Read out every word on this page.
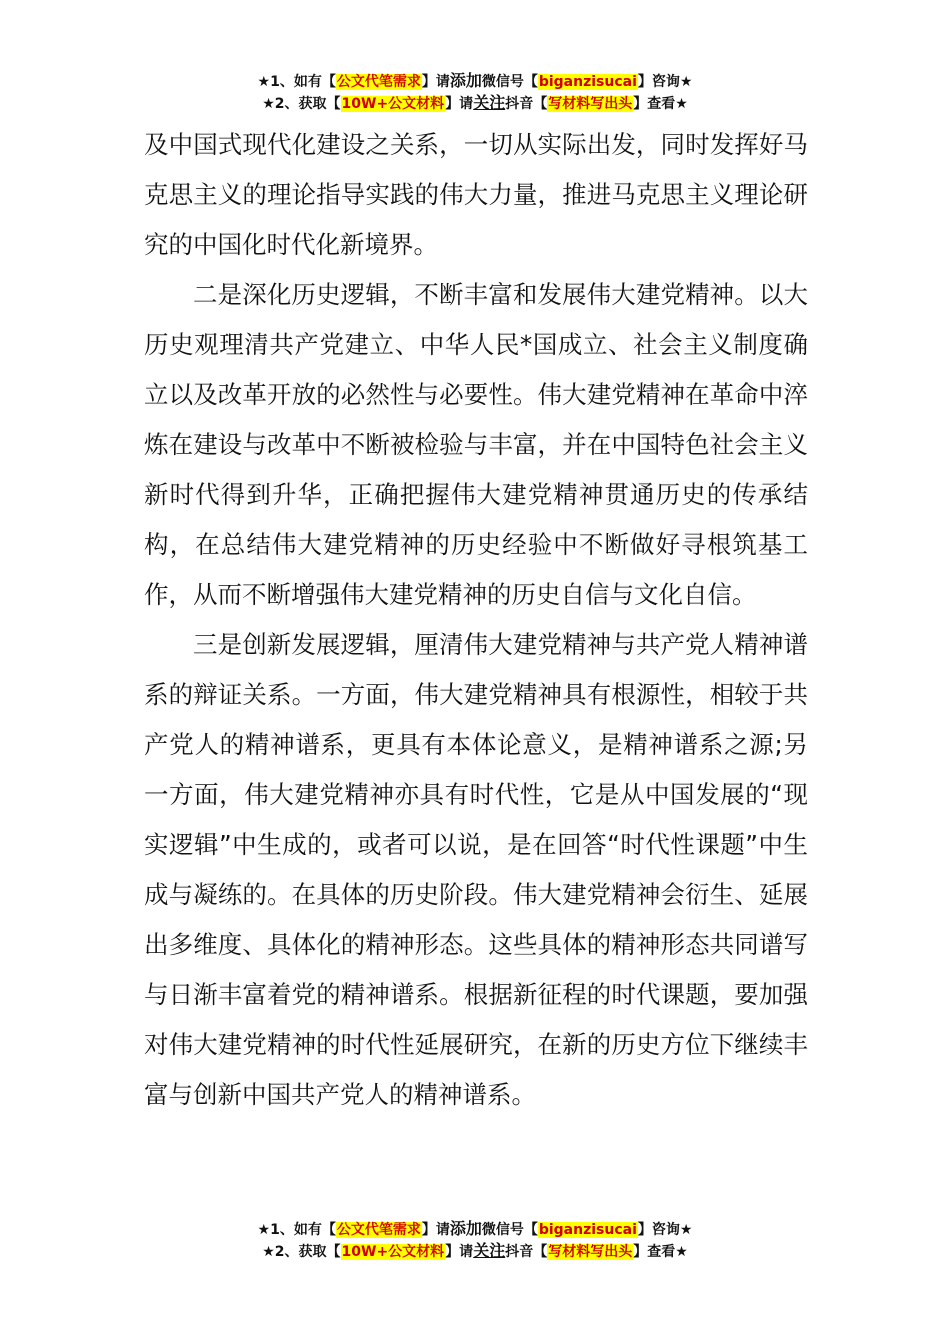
★1、如有【公文代笔需求】请添加微信号【biganzisucai】咨询★
★2、获取【10W+公文材料】请关注抖音【写材料写出头】查看★

及中国式现代化建设之关系，一切从实际出发，同时发挥好马克思主义的理论指导实践的伟大力量，推进马克思主义理论研究的中国化时代化新境界。

二是深化历史逻辑，不断丰富和发展伟大建党精神。以大历史观理清共产党建立、中华人民*国成立、社会主义制度确立以及改革开放的必然性与必要性。伟大建党精神在革命中淬炼在建设与改革中不断被检验与丰富，并在中国特色社会主义新时代得到升华，正确把握伟大建党精神贯通历史的传承结构，在总结伟大建党精神的历史经验中不断做好寻根筑基工作，从而不断增强伟大建党精神的历史自信与文化自信。

三是创新发展逻辑，厘清伟大建党精神与共产党人精神谱系的辩证关系。一方面，伟大建党精神具有根源性，相较于共产党人的精神谱系，更具有本体论意义，是精神谱系之源;另一方面，伟大建党精神亦具有时代性，它是从中国发展的“现实逻辑”中生成的，或者可以说，是在回答“时代性课题”中生成与凝练的。在具体的历史阶段。伟大建党精神会衍生、延展出多维度、具体化的精神形态。这些具体的精神形态共同谱写与日渐丰富着党的精神谱系。根据新征程的时代课题，要加强对伟大建党精神的时代性延展研究，在新的历史方位下继续丰富与创新中国共产党人的精神谱系。

★1、如有【公文代笔需求】请添加微信号【biganzisucai】咨询★
★2、获取【10W+公文材料】请关注抖音【写材料写出头】查看★
